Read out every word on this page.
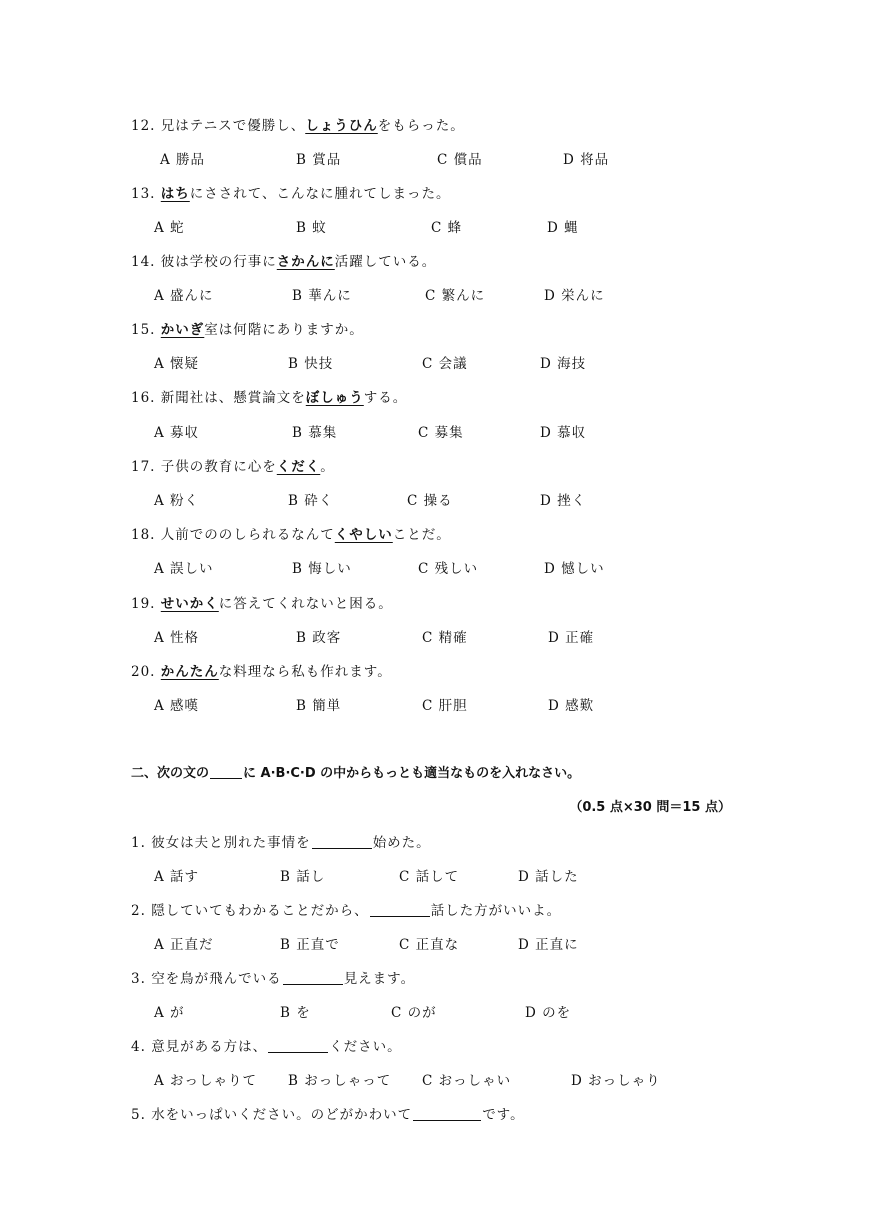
二、次の文の	に A·B·C·D の中からもっとも適当なものを入れなさい。
（0.5 点×30 問＝15 点）
12. 兄はテニスで優勝し、しょうひんをもらった。
A 勝品	B 賞品	C 償品	D 将品
13. はちにさされて、こんなに腫れてしまった。
A 蛇	B 蚊	C 蜂	D 蝿
14. 彼は学校の行事にさかんに活躍している。
A 盛んに	B 華んに	C 繁んに	D 栄んに
15. かいぎ室は何階にありますか。
A 懐疑	B 快技	C 会議	D 海技
16. 新聞社は、懸賞論文をぼしゅうする。
A 募収	B 慕集	C 募集	D 慕収
17. 子供の教育に心をくだく。
A 粉く	B 砕く	C 操る	D 挫く
18. 人前でののしられるなんてくやしいことだ。
A 誤しい	B 悔しい	C 残しい	D 憾しい
19. せいかくに答えてくれないと困る。
A 性格	B 政客	C 精確	D 正確
20. かんたんな料理なら私も作れます。
A 感嘆	B 簡単	C 肝胆	D 感歎
1. 彼女は夫と別れた事情を	始めた。
A 話す	B 話し	C 話して	D 話した
2. 隠していてもわかることだから、	話した方がいいよ。
A 正直だ	B 正直で	C 正直な	D 正直に
3. 空を鳥が飛んでいる	見えます。
A が	B を	C のが	D のを
4. 意見がある方は、	ください。
A おっしゃりて B おっしゃって C おっしゃい	D おっしゃり
5. 水をいっぱいください。のどがかわいて	です。
